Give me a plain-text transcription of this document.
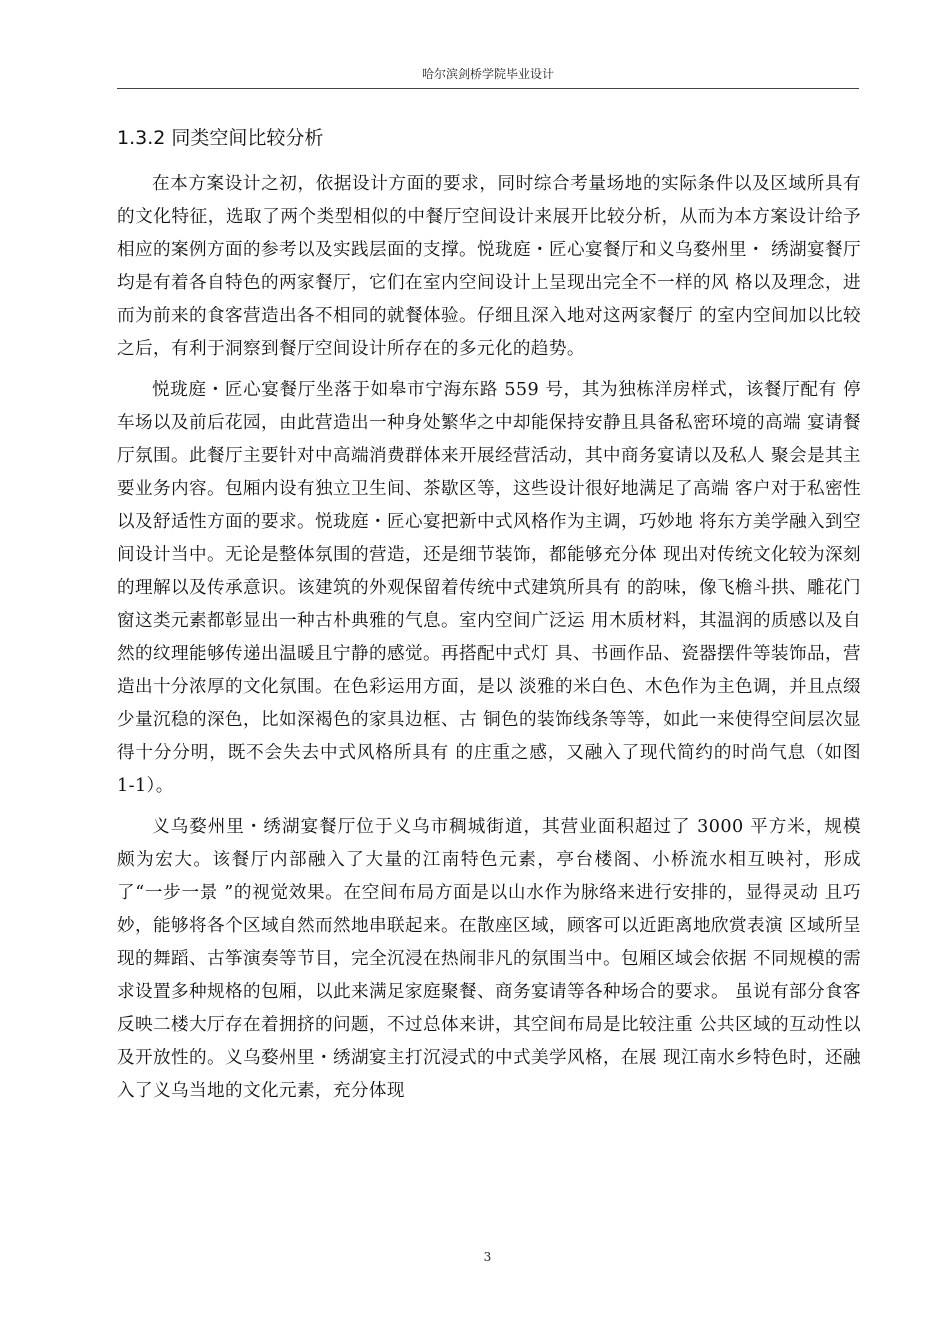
哈尔滨剑桥学院毕业设计
1.3.2 同类空间比较分析

在本方案设计之初，依据设计方面的要求，同时综合考量场地的实际条件以及区域所具有的文化特征，选取了两个类型相似的中餐厅空间设计来展开比较分析，从而为本方案设计给予相应的案例方面的参考以及实践层面的支撑。悦珑庭・匠心宴餐厅和义乌婺州里・ 绣湖宴餐厅均是有着各自特色的两家餐厅，它们在室内空间设计上呈现出完全不一样的风 格以及理念，进而为前来的食客营造出各不相同的就餐体验。仔细且深入地对这两家餐厅 的室内空间加以比较之后，有利于洞察到餐厅空间设计所存在的多元化的趋势。

悦珑庭・匠心宴餐厅坐落于如皋市宁海东路 559 号，其为独栋洋房样式，该餐厅配有 停车场以及前后花园，由此营造出一种身处繁华之中却能保持安静且具备私密环境的高端 宴请餐厅氛围。此餐厅主要针对中高端消费群体来开展经营活动，其中商务宴请以及私人 聚会是其主要业务内容。包厢内设有独立卫生间、茶歇区等，这些设计很好地满足了高端 客户对于私密性以及舒适性方面的要求。悦珑庭・匠心宴把新中式风格作为主调，巧妙地 将东方美学融入到空间设计当中。无论是整体氛围的营造，还是细节装饰，都能够充分体 现出对传统文化较为深刻的理解以及传承意识。该建筑的外观保留着传统中式建筑所具有 的韵味，像飞檐斗拱、雕花门窗这类元素都彰显出一种古朴典雅的气息。室内空间广泛运 用木质材料，其温润的质感以及自然的纹理能够传递出温暖且宁静的感觉。再搭配中式灯 具、书画作品、瓷器摆件等装饰品，营造出十分浓厚的文化氛围。在色彩运用方面，是以 淡雅的米白色、木色作为主色调，并且点缀少量沉稳的深色，比如深褐色的家具边框、古 铜色的装饰线条等等，如此一来使得空间层次显得十分分明，既不会失去中式风格所具有 的庄重之感，又融入了现代简约的时尚气息（如图 1-1）。

义乌婺州里・绣湖宴餐厅位于义乌市稠城街道，其营业面积超过了 3000 平方米，规模 颇为宏大。该餐厅内部融入了大量的江南特色元素，亭台楼阁、小桥流水相互映衬，形成 了“一步一景 ”的视觉效果。在空间布局方面是以山水作为脉络来进行安排的，显得灵动 且巧妙，能够将各个区域自然而然地串联起来。在散座区域，顾客可以近距离地欣赏表演 区域所呈现的舞蹈、古筝演奏等节目，完全沉浸在热闹非凡的氛围当中。包厢区域会依据 不同规模的需求设置多种规格的包厢，以此来满足家庭聚餐、商务宴请等各种场合的要求。 虽说有部分食客反映二楼大厅存在着拥挤的问题，不过总体来讲，其空间布局是比较注重 公共区域的互动性以及开放性的。义乌婺州里・绣湖宴主打沉浸式的中式美学风格，在展 现江南水乡特色时，还融入了义乌当地的文化元素，充分体现

3
